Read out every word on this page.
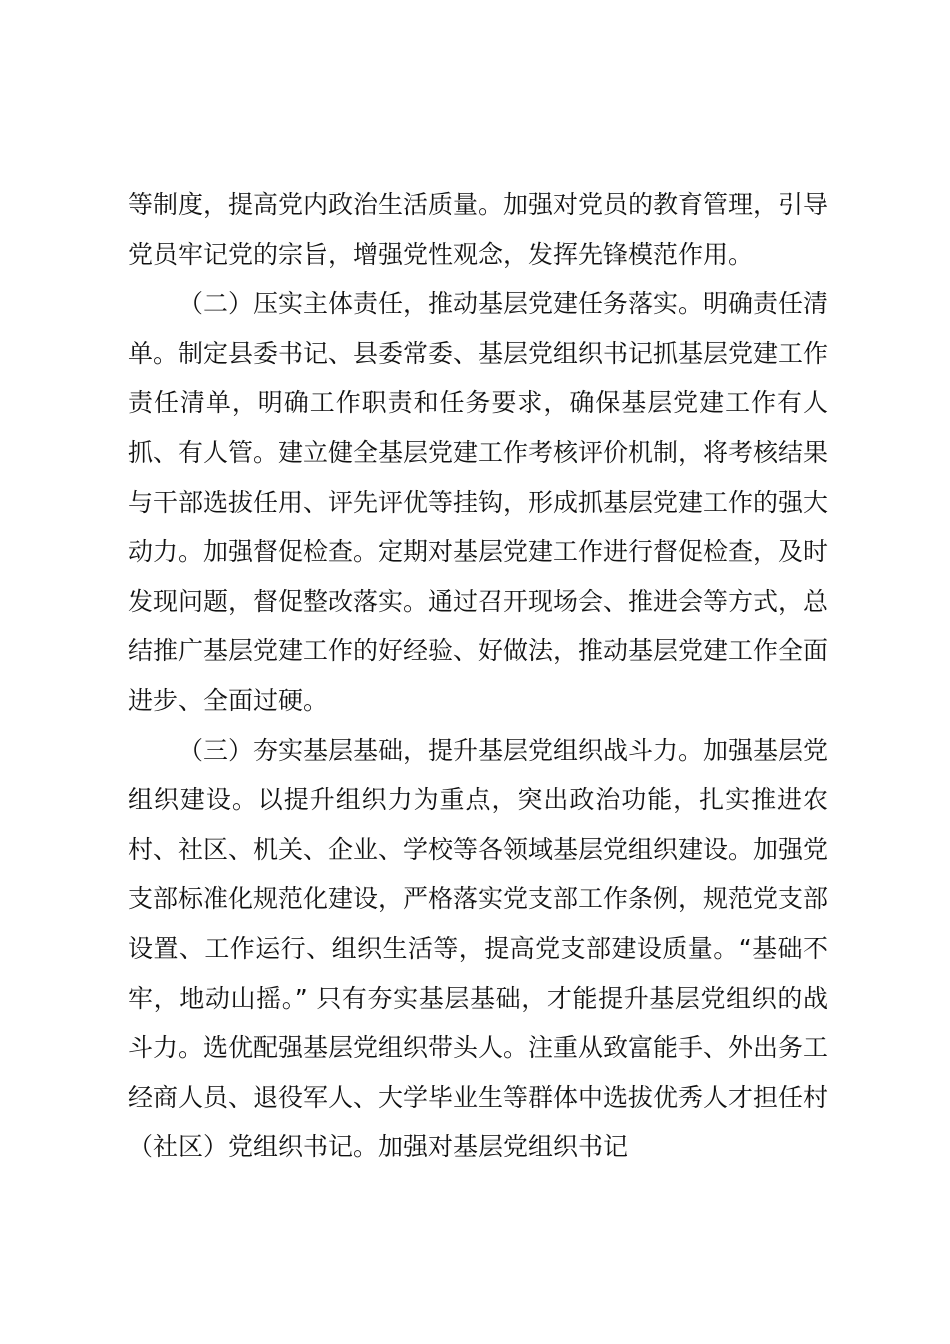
等制度，提高党内政治生活质量。加强对党员的教育管理，引导党员牢记党的宗旨，增强党性观念，发挥先锋模范作用。

（二）压实主体责任，推动基层党建任务落实。明确责任清单。制定县委书记、县委常委、基层党组织书记抓基层党建工作责任清单，明确工作职责和任务要求，确保基层党建工作有人抓、有人管。建立健全基层党建工作考核评价机制，将考核结果与干部选拔任用、评先评优等挂钩，形成抓基层党建工作的强大动力。加强督促检查。定期对基层党建工作进行督促检查，及时发现问题，督促整改落实。通过召开现场会、推进会等方式，总结推广基层党建工作的好经验、好做法，推动基层党建工作全面进步、全面过硬。

（三）夯实基层基础，提升基层党组织战斗力。加强基层党组织建设。以提升组织力为重点，突出政治功能，扎实推进农村、社区、机关、企业、学校等各领域基层党组织建设。加强党支部标准化规范化建设，严格落实党支部工作条例，规范党支部设置、工作运行、组织生活等，提高党支部建设质量。“基础不牢，地动山摇。” 只有夯实基层基础，才能提升基层党组织的战斗力。选优配强基层党组织带头人。注重从致富能手、外出务工经商人员、退役军人、大学毕业生等群体中选拔优秀人才担任村（社区）党组织书记。加强对基层党组织书记
